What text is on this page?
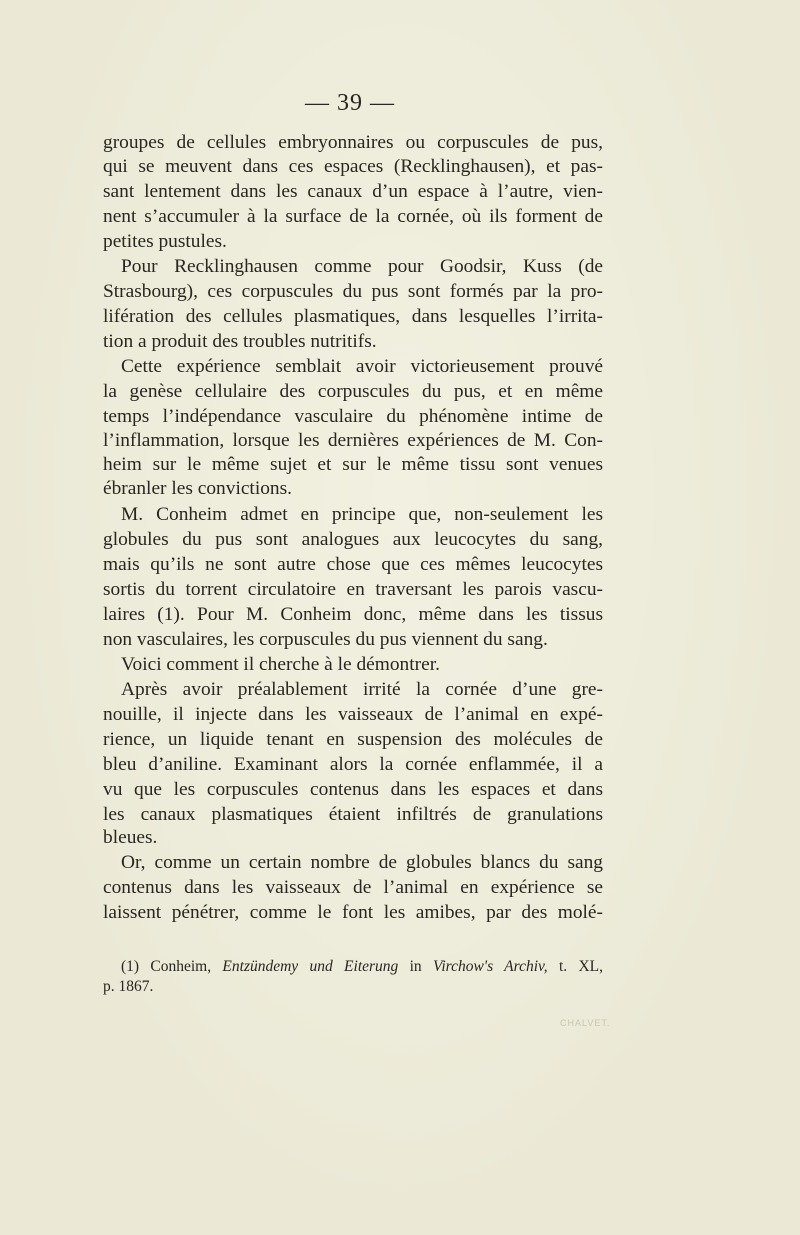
— 39 —
groupes de cellules embryonnaires ou corpuscules de pus,
qui se meuvent dans ces espaces (Recklinghausen), et pas-
sant lentement dans les canaux d’un espace à l’autre, vien-
nent s’accumuler à la surface de la cornée, où ils forment de
petites pustules.
Pour Recklinghausen comme pour Goodsir, Kuss (de
Strasbourg), ces corpuscules du pus sont formés par la pro-
lifération des cellules plasmatiques, dans lesquelles l’irrita-
tion a produit des troubles nutritifs.
Cette expérience semblait avoir victorieusement prouvé
la genèse cellulaire des corpuscules du pus, et en même
temps l’indépendance vasculaire du phénomène intime de
l’inflammation, lorsque les dernières expériences de M. Con-
heim sur le même sujet et sur le même tissu sont venues
ébranler les convictions.
M. Conheim admet en principe que, non-seulement les
globules du pus sont analogues aux leucocytes du sang,
mais qu’ils ne sont autre chose que ces mêmes leucocytes
sortis du torrent circulatoire en traversant les parois vascu-
laires (1). Pour M. Conheim donc, même dans les tissus
non vasculaires, les corpuscules du pus viennent du sang.
Voici comment il cherche à le démontrer.
Après avoir préalablement irrité la cornée d’une gre-
nouille, il injecte dans les vaisseaux de l’animal en expé-
rience, un liquide tenant en suspension des molécules de
bleu d’aniline. Examinant alors la cornée enflammée, il a
vu que les corpuscules contenus dans les espaces et dans
les canaux plasmatiques étaient infiltrés de granulations
bleues.
Or, comme un certain nombre de globules blancs du sang
contenus dans les vaisseaux de l’animal en expérience se
laissent pénétrer, comme le font les amibes, par des molé-
(1) Conheim, Entzündemy und Eiterung in Virchow's Archiv, t. XL,
p. 1867.
CHALVET.
